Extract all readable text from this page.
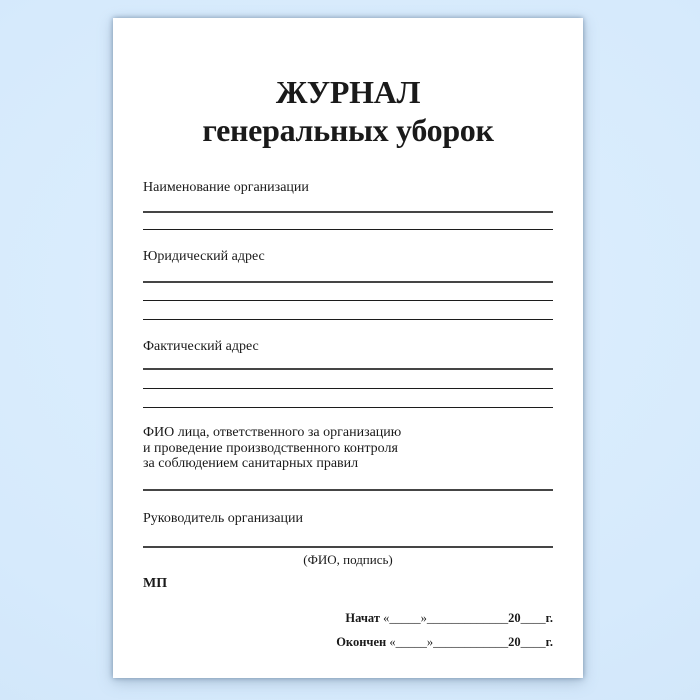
ЖУРНАЛ
генеральных уборок
Наименование организации
Юридический адрес
Фактический адрес
ФИО лица, ответственного за организацию
и проведение производственного контроля
за соблюдением санитарных правил
Руководитель организации
(ФИО, подпись)
МП
Начат «_____»_____________20____г.
Окончен «_____»____________20____г.
